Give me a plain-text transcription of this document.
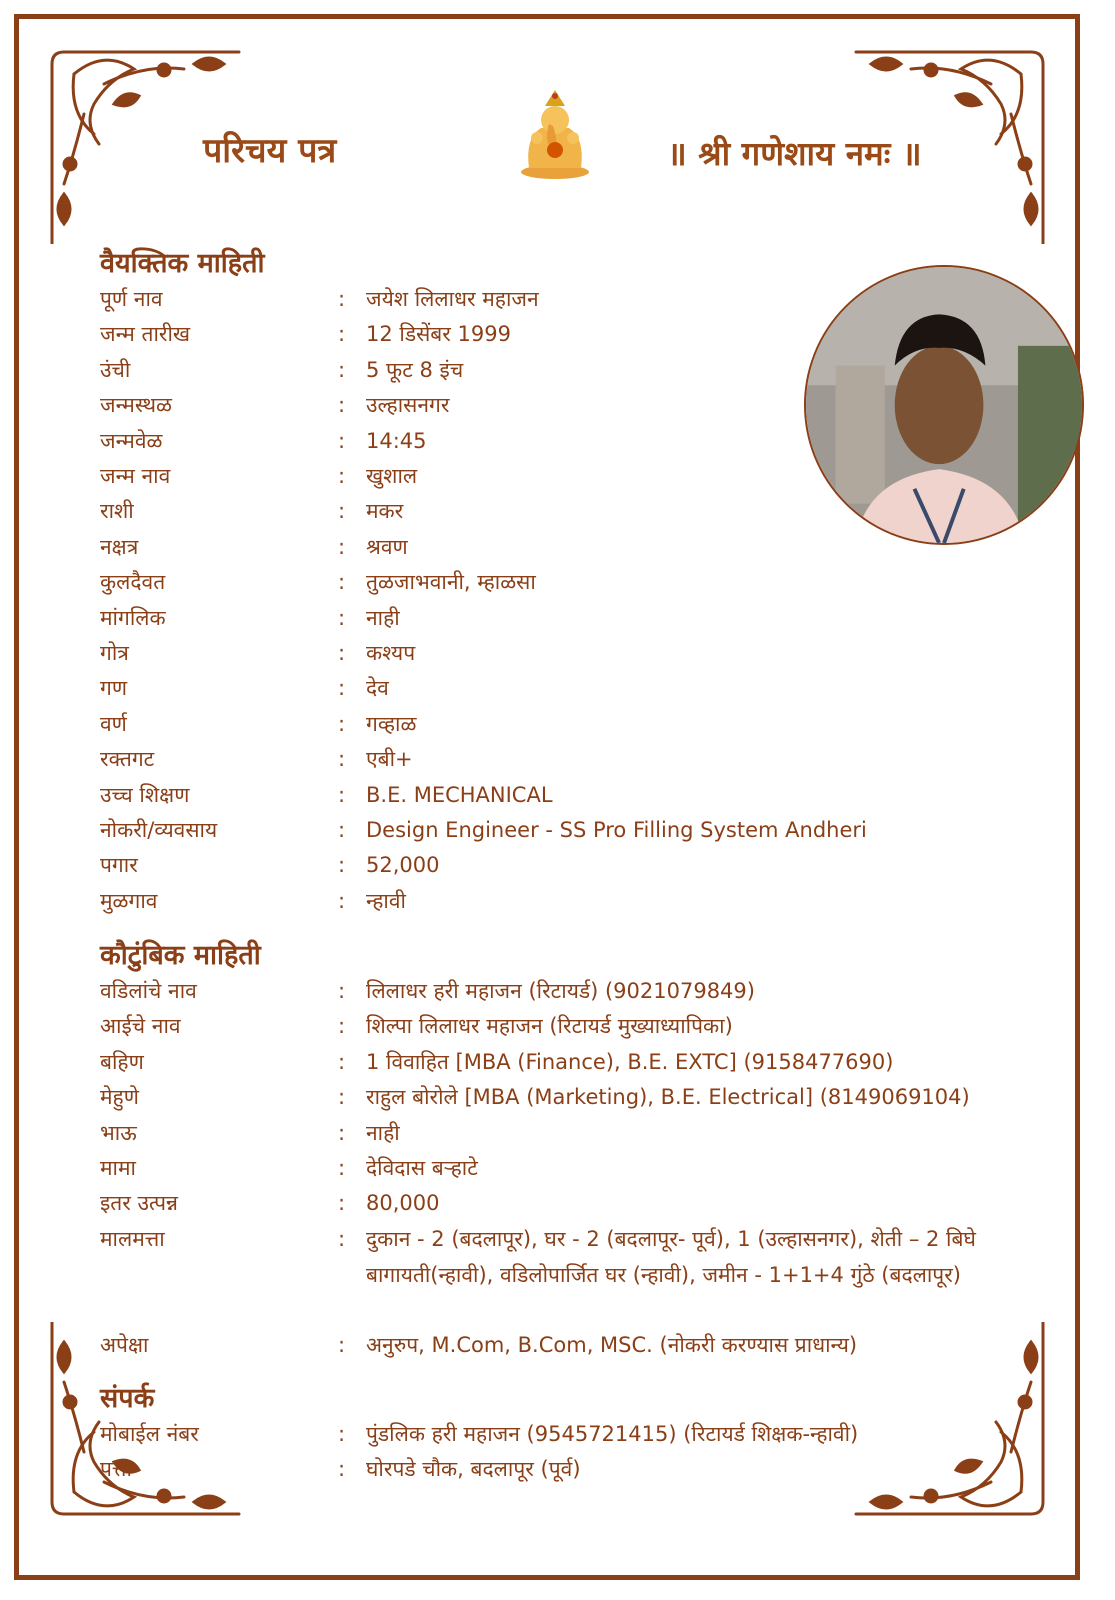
परिचय पत्र	॥ श्री गणेशाय नमः ॥
वैयक्तिक माहिती
पूर्ण नाव	: जयेश लिलाधर महाजन
जन्म तारीख	: 12 डिसेंबर 1999
उंची	: 5 फूट 8 इंच
जन्मस्थळ	: उल्हासनगर
जन्मवेळ	: 14:45
जन्म नाव	: खुशाल
राशी	: मकर
नक्षत्र	: श्रवण
कुलदैवत	: तुळजाभवानी, म्हाळसा
मांगलिक	: नाही
गोत्र	: कश्यप
गण	: देव
वर्ण	: गव्हाळ
रक्तगट	: एबी+
उच्च शिक्षण	: B.E. MECHANICAL
नोकरी/व्यवसाय	: Design Engineer - SS Pro Filling System Andheri
पगार	: 52,000
मुळगाव	: न्हावी
कौटुंबिक माहिती
वडिलांचे नाव	: लिलाधर हरी महाजन (रिटायर्ड) (9021079849)
आईचे नाव	: शिल्पा लिलाधर महाजन (रिटायर्ड मुख्याध्यापिका)
बहिण	: 1 विवाहित [MBA (Finance), B.E. EXTC] (9158477690)
मेहुणे	: राहुल बोरोले [MBA (Marketing), B.E. Electrical] (8149069104)
भाऊ	: नाही
मामा	: देविदास बऱ्हाटे
इतर उत्पन्न	: 80,000
मालमत्ता	: दुकान - 2 (बदलापूर), घर - 2 (बदलापूर- पूर्व), 1 (उल्हासनगर), शेती – 2 बिघे बागायती(न्हावी), वडिलोपार्जित घर (न्हावी), जमीन - 1+1+4 गुंठे (बदलापूर)
अपेक्षा	: अनुरुप, M.Com, B.Com, MSC. (नोकरी करण्यास प्राधान्य)
संपर्क
मोबाईल नंबर	: पुंडलिक हरी महाजन (9545721415) (रिटायर्ड शिक्षक-न्हावी)
पत्ता	: घोरपडे चौक, बदलापूर (पूर्व)
